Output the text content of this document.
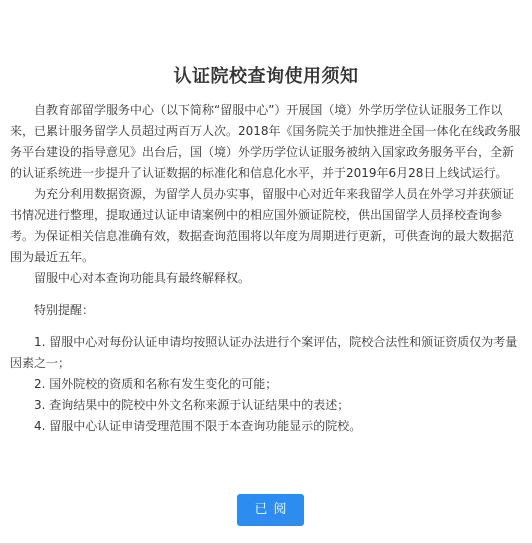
认证院校查询使用须知

自教育部留学服务中心（以下简称“留服中心”）开展国（境）外学历学位认证服务工作以来，已累计服务留学人员超过两百万人次。2018年《国务院关于加快推进全国一体化在线政务服务平台建设的指导意见》出台后，国（境）外学历学位认证服务被纳入国家政务服务平台，全新的认证系统进一步提升了认证数据的标准化和信息化水平，并于2019年6月28日上线试运行。

为充分利用数据资源，为留学人员办实事，留服中心对近年来我留学人员在外学习并获颁证书情况进行整理，提取通过认证申请案例中的相应国外颁证院校，供出国留学人员择校查询参考。为保证相关信息准确有效，数据查询范围将以年度为周期进行更新，可供查询的最大数据范围为最近五年。

留服中心对本查询功能具有最终解释权。

特别提醒：

1. 留服中心对每份认证申请均按照认证办法进行个案评估，院校合法性和颁证资质仅为考量因素之一；

2. 国外院校的资质和名称有发生变化的可能；

3. 查询结果中的院校中外文名称来源于认证结果中的表述；

4. 留服中心认证申请受理范围不限于本查询功能显示的院校。

已阅
